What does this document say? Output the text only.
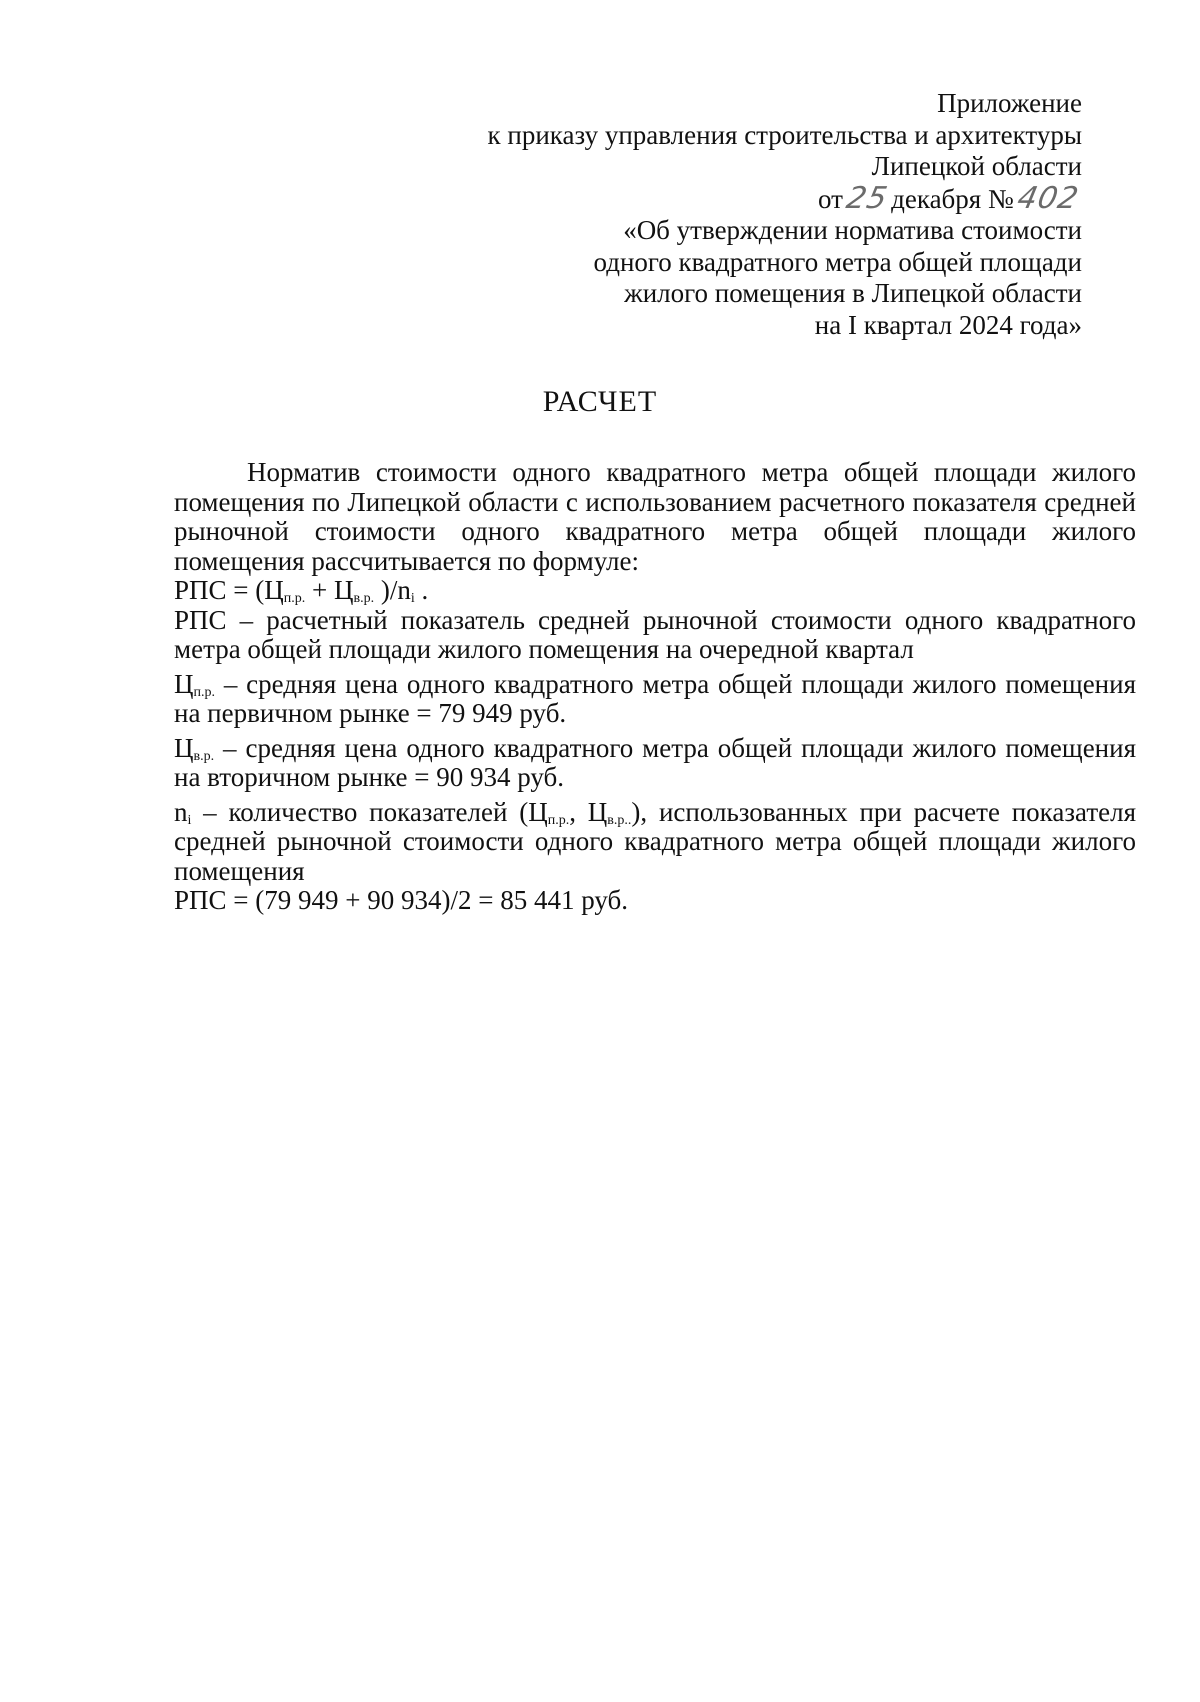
Приложение
к приказу управления строительства и архитектуры
Липецкой области
от25декабря №402
«Об утверждении норматива стоимости
одного квадратного метра общей площади
жилого помещения в Липецкой области
на I квартал 2024 года»
РАСЧЕТ

Норматив стоимости одного квадратного метра общей площади жилого помещения по Липецкой области с использованием расчетного показателя средней рыночной стоимости одного квадратного метра общей площади жилого помещения рассчитывается по формуле:

РПС = ($Ц_{п.р.} + Ц_{в.р.}$ )$/n_i$ .

РПС – расчетный показатель средней рыночной стоимости одного квадратного метра общей площади жилого помещения на очередной квартал

$Ц_{п.р.}$ – средняя цена одного квадратного метра общей площади жилого помещения на первичном рынке = 79 949 руб.

$Ц_{в.р.}$ – средняя цена одного квадратного метра общей площади жилого помещения на вторичном рынке = 90 934 руб.

$n_i$ – количество показателей ($Ц_{п.р.}$, $Ц_{в.р..}$), использованных при расчете показателя средней рыночной стоимости одного квадратного метра общей площади жилого помещения

РПС = (79 949 + 90 934)/2 = 85 441 руб.
